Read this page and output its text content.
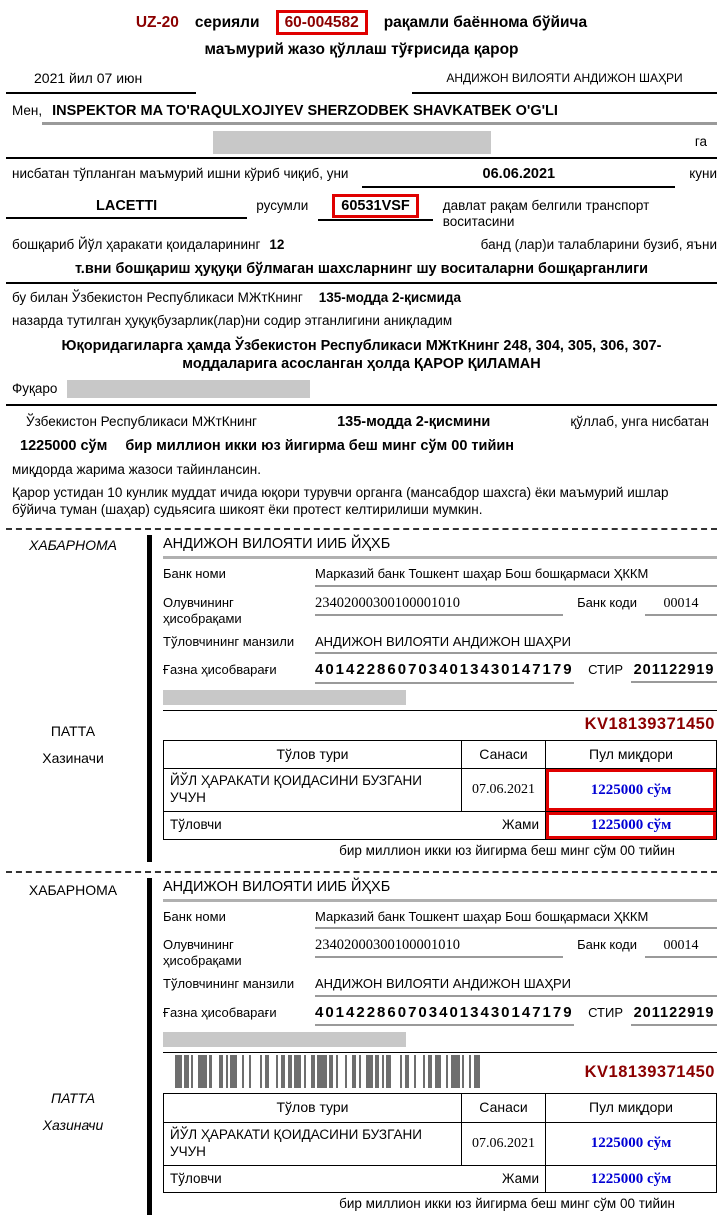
UZ-20 серияли	60-004582	рақамли баённома бўйича
маъмурий жазо қўллаш тўғрисида қарор
2021 йил 07 июн	АНДИЖОН ВИЛОЯТИ АНДИЖОН ШАҲРИ
Мен, INSPEKTOR MA TO'RAQULXOJIYEV SHERZODBEK SHAVKATBEK O'G'LI
га
нисбатан тўпланган маъмурий ишни кўриб чиқиб, уни	06.06.2021	куни
LACETTI	русумли	60531VSF	давлат рақам белгили транспорт воситасини
бошқариб Йўл ҳаракати қоидаларининг 12	банд (лар)и талабларини бузиб, яъни
т.вни бошқариш ҳуқуқи бўлмаган шахсларнинг шу воситаларни бошқарганлиги
бу билан Ўзбекистон Республикаси МЖтКнинг 135-модда 2-қисмида
назарда тутилган ҳуқуқбузарлик(лар)ни содир этганлигини аниқладим
Юқоридагиларга ҳамда Ўзбекистон Республикаси МЖтКнинг 248, 304, 305, 306, 307-моддаларига асосланган ҳолда ҚАРОР ҚИЛАМАН
Фуқаро
Ўзбекистон Республикаси МЖтКнинг	135-модда 2-қисмини	қўллаб, унга нисбатан
1225000 сўм бир миллион икки юз йигирма беш минг сўм 00 тийин
миқдорда жарима жазоси тайинлансин.
Қарор устидан 10 кунлик муддат ичида юқори турувчи органга (мансабдор шахсга) ёки маъмурий ишлар бўйича туман (шаҳар) судьясига шикоят ёки протест келтирилиши мумкин.
ХАБАРНОМА
ПАТТА
Хазиначи
АНДИЖОН ВИЛОЯТИ ИИБ ЙҲХБ
Банк номи	Марказий банк Тошкент шаҳар Бош бошқармаси ҲККМ
Олувчининг ҳисобрақами
23402000300100001010	Банк коди	00014
Тўловчининг манзили	АНДИЖОН ВИЛОЯТИ АНДИЖОН ШАҲРИ
Ғазна ҳисобварағи	4014228607034013430147179 СТИР 201122919
KV18139371450
Тўлов тури	Санаси	Пул миқдори
ЙЎЛ ҲАРАКАТИ ҚОИДАСИНИ БУЗГАНИ УЧУН
07.06.2021	1225000 сўм
Тўловчи	Жами	1225000 сўм
бир миллион икки юз йигирма беш минг сўм 00 тийин
ХАБАРНОМА
ПАТТА
Хазиначи
АНДИЖОН ВИЛОЯТИ ИИБ ЙҲХБ
Банк номи	Марказий банк Тошкент шаҳар Бош бошқармаси ҲККМ
Олувчининг ҳисобрақами
23402000300100001010	Банк коди	00014
Тўловчининг манзили	АНДИЖОН ВИЛОЯТИ АНДИЖОН ШАҲРИ
Ғазна ҳисобварағи	4014228607034013430147179 СТИР 201122919
KV18139371450
Тўлов тури	Санаси	Пул миқдори
ЙЎЛ ҲАРАКАТИ ҚОИДАСИНИ БУЗГАНИ УЧУН
07.06.2021	1225000 сўм
Тўловчи	Жами	1225000 сўм
бир миллион икки юз йигирма беш минг сўм 00 тийин
